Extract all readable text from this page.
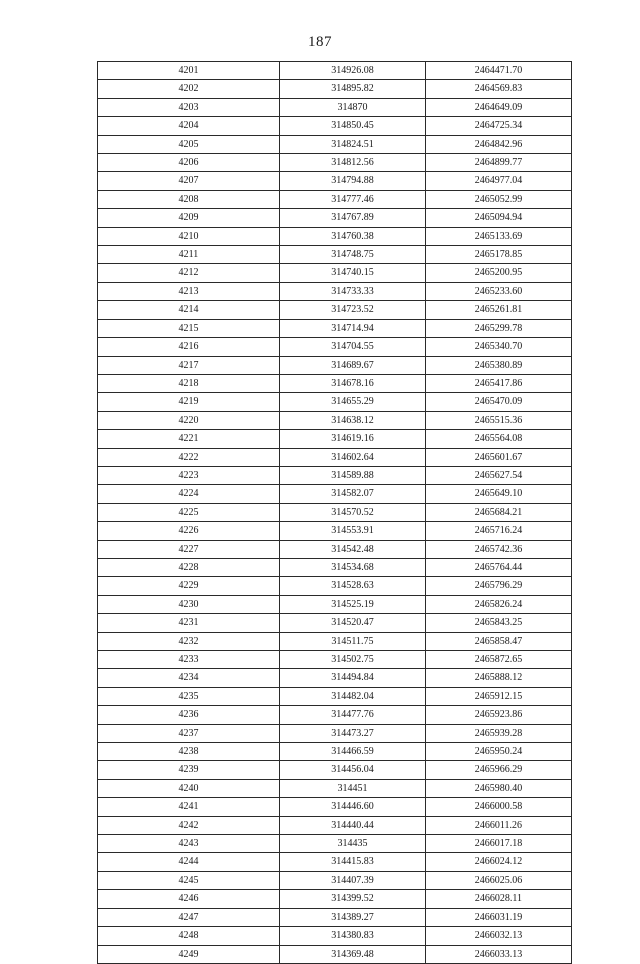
187
4201	314926.08	2464471.70
4202	314895.82	2464569.83
4203	314870	2464649.09
4204	314850.45	2464725.34
4205	314824.51	2464842.96
4206	314812.56	2464899.77
4207	314794.88	2464977.04
4208	314777.46	2465052.99
4209	314767.89	2465094.94
4210	314760.38	2465133.69
4211	314748.75	2465178.85
4212	314740.15	2465200.95
4213	314733.33	2465233.60
4214	314723.52	2465261.81
4215	314714.94	2465299.78
4216	314704.55	2465340.70
4217	314689.67	2465380.89
4218	314678.16	2465417.86
4219	314655.29	2465470.09
4220	314638.12	2465515.36
4221	314619.16	2465564.08
4222	314602.64	2465601.67
4223	314589.88	2465627.54
4224	314582.07	2465649.10
4225	314570.52	2465684.21
4226	314553.91	2465716.24
4227	314542.48	2465742.36
4228	314534.68	2465764.44
4229	314528.63	2465796.29
4230	314525.19	2465826.24
4231	314520.47	2465843.25
4232	314511.75	2465858.47
4233	314502.75	2465872.65
4234	314494.84	2465888.12
4235	314482.04	2465912.15
4236	314477.76	2465923.86
4237	314473.27	2465939.28
4238	314466.59	2465950.24
4239	314456.04	2465966.29
4240	314451	2465980.40
4241	314446.60	2466000.58
4242	314440.44	2466011.26
4243	314435	2466017.18
4244	314415.83	2466024.12
4245	314407.39	2466025.06
4246	314399.52	2466028.11
4247	314389.27	2466031.19
4248	314380.83	2466032.13
4249	314369.48	2466033.13
